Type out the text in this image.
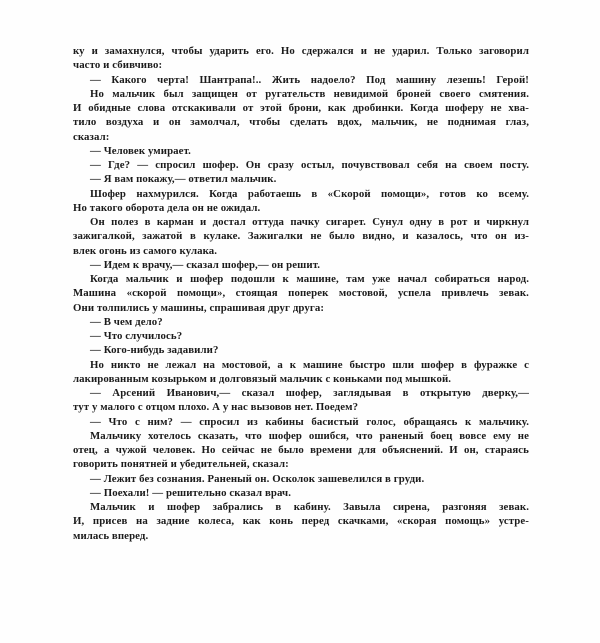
ку и замахнулся, чтобы ударить его. Но сдержался и не ударил. Только заговорил
часто и сбивчиво:
— Какого черта! Шантрапа!.. Жить надоело? Под машину лезешь! Герой!
Но мальчик был защищен от ругательств невидимой броней своего смятения.
И обидные слова отскакивали от этой брони, как дробинки. Когда шоферу не хва-
тило воздуха и он замолчал, чтобы сделать вдох, мальчик, не поднимая глаз,
сказал:
— Человек умирает.
— Где? — спросил шофер. Он сразу остыл, почувствовал себя на своем посту.
— Я вам покажу,— ответил мальчик.
Шофер нахмурился. Когда работаешь в «Скорой помощи», готов ко всему.
Но такого оборота дела он не ожидал.
Он полез в карман и достал оттуда пачку сигарет. Сунул одну в рот и чиркнул
зажигалкой, зажатой в кулаке. Зажигалки не было видно, и казалось, что он из-
влек огонь из самого кулака.
— Идем к врачу,— сказал шофер,— он решит.
Когда мальчик и шофер подошли к машине, там уже начал собираться народ.
Машина «скорой помощи», стоящая поперек мостовой, успела привлечь зевак.
Они толпились у машины, спрашивая друг друга:
— В чем дело?
— Что случилось?
— Кого-нибудь задавили?
Но никто не лежал на мостовой, а к машине быстро шли шофер в фуражке с
лакированным козырьком и долговязый мальчик с коньками под мышкой.
— Арсений Иванович,— сказал шофер, заглядывая в открытую дверку,—
тут у малого с отцом плохо. А у нас вызовов нет. Поедем?
— Что с ним? — спросил из кабины басистый голос, обращаясь к мальчику.
Мальчику хотелось сказать, что шофер ошибся, что раненый боец вовсе ему не
отец, а чужой человек. Но сейчас не было времени для объяснений. И он, стараясь
говорить понятней и убедительней, сказал:
— Лежит без сознания. Раненый он. Осколок зашевелился в груди.
— Поехали! — решительно сказал врач.
Мальчик и шофер забрались в кабину. Завыла сирена, разгоняя зевак.
И, присев на задние колеса, как конь перед скачками, «скорая помощь» устре-
милась вперед.
